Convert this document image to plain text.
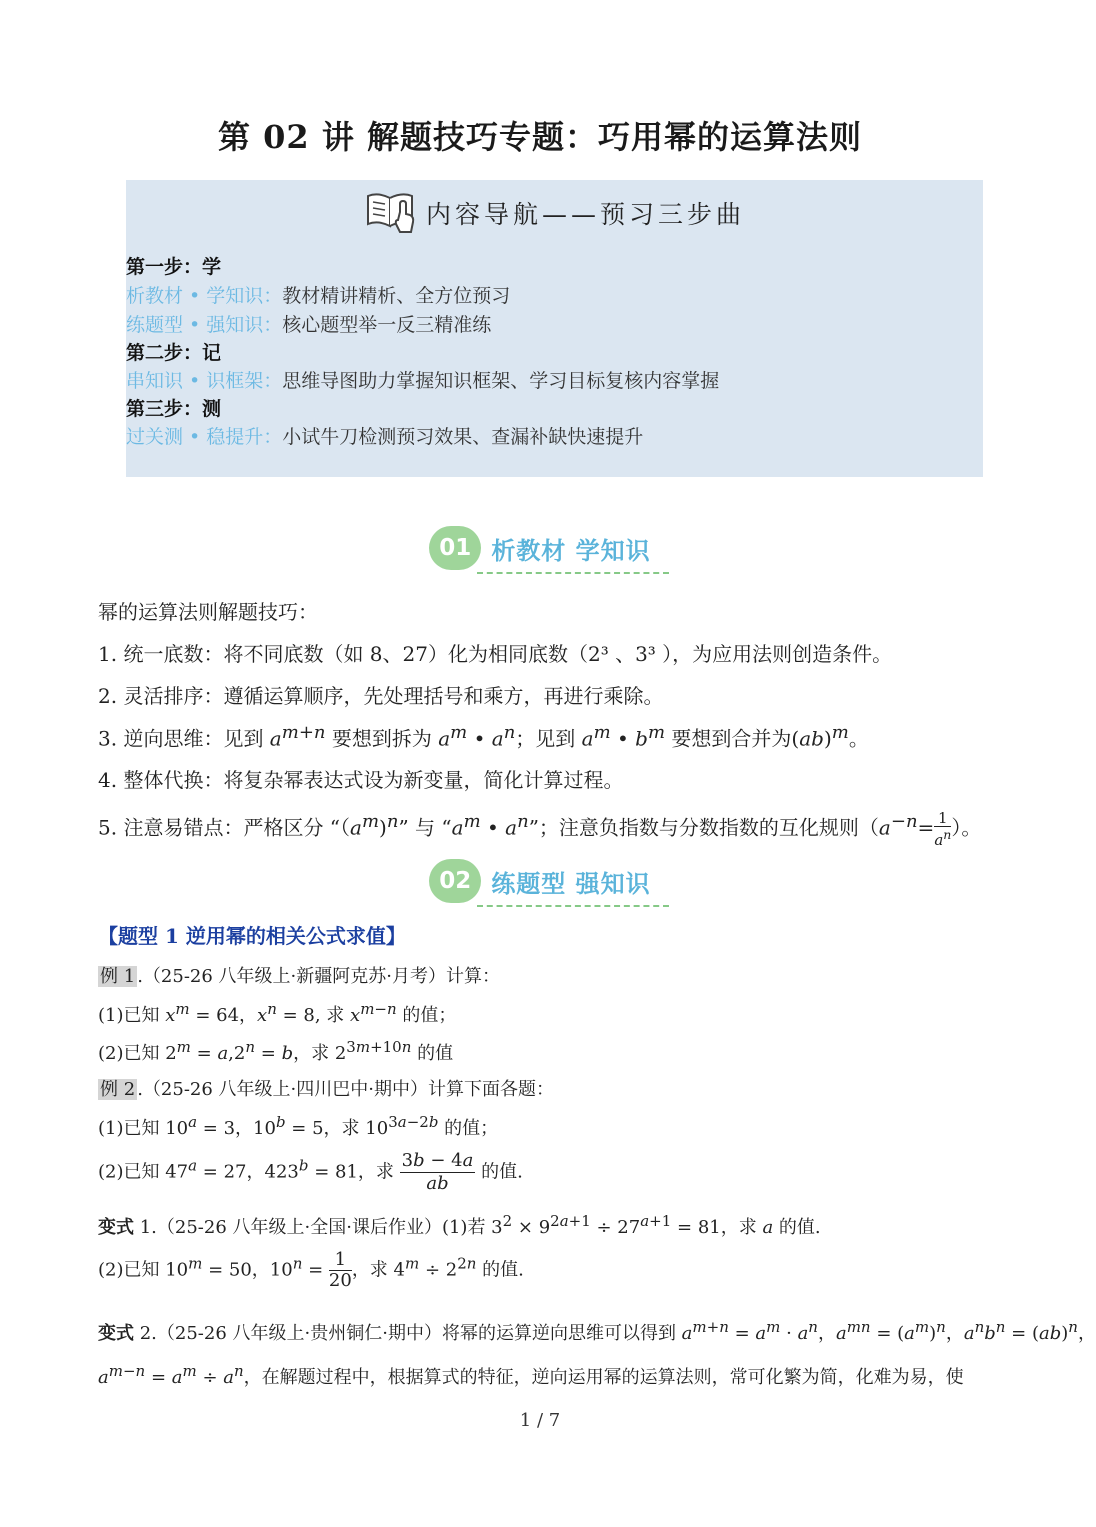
第 02 讲 解题技巧专题：巧用幂的运算法则
内容导航——预习三步曲
第一步：学
析教材 • 学知识：教材精讲精析、全方位预习
练题型 • 强知识：核心题型举一反三精准练
第二步：记
串知识 • 识框架：思维导图助力掌握知识框架、学习目标复核内容掌握
第三步：测
过关测 • 稳提升：小试牛刀检测预习效果、查漏补缺快速提升
01 析教材 学知识
幂的运算法则解题技巧：
1. 统一底数：将不同底数（如 8、27）化为相同底数（2³ 、3³ ），为应用法则创造条件。
2. 灵活排序：遵循运算顺序，先处理括号和乘方，再进行乘除。
3. 逆向思维：见到 $a^{m+n}$ 要想到拆为 $a^m$ • $a^n$；见到 $a^m$ • $b^m$ 要想到合并为(ab)$^m$。
4. 整体代换：将复杂幂表达式设为新变量，简化计算过程。
5. 注意易错点：严格区分 “$(a^m)^n$” 与 “$a^m$ • $a^n$”；注意负指数与分数指数的互化规则（$a^{-n}= \frac{1}{a^n}$ ）。
02 练题型 强知识
【题型 1 逆用幂的相关公式求值】
例 1 .（25-26 八年级上·新疆阿克苏·月考）计算：
(1)已知 $x^m = 64$，$x^n = 8$, 求 $x^{m-n}$ 的值；
(2)已知 $2^m = a,2^n = b$，求 $2^{3m+10n}$ 的值
例 2 .（25-26 八年级上·四川巴中·期中）计算下面各题：
(1)已知 $10^a = 3$，$10^b = 5$，求 $10^{3a-2b}$ 的值；
(2)已知 $47^a = 27$，$423^b = 81$，求 $\frac{3b - 4a}{ab}$ 的值.
变式 1.（25-26 八年级上·全国·课后作业）(1)若 $3^2 \times 9^{2a+1} \div 27^{a+1} = 81$，求 a 的值.
(2)已知 $10^m = 50$，$10^n = \frac{1}{20}$ ，求 $4^m \div 2^{2n}$ 的值.
变式 2.（25-26 八年级上·贵州铜仁·期中）将幂的运算逆向思维可以得到 $a^{m+n} = a^m \cdot a^n$，$a^{mn} = (a^m)^n$，$a^nb^n = (ab)^n$，
$a^{m-n} = a^m \div a^n$，在解题过程中，根据算式的特征，逆向运用幂的运算法则，常可化繁为简，化难为易，使
1 / 7
